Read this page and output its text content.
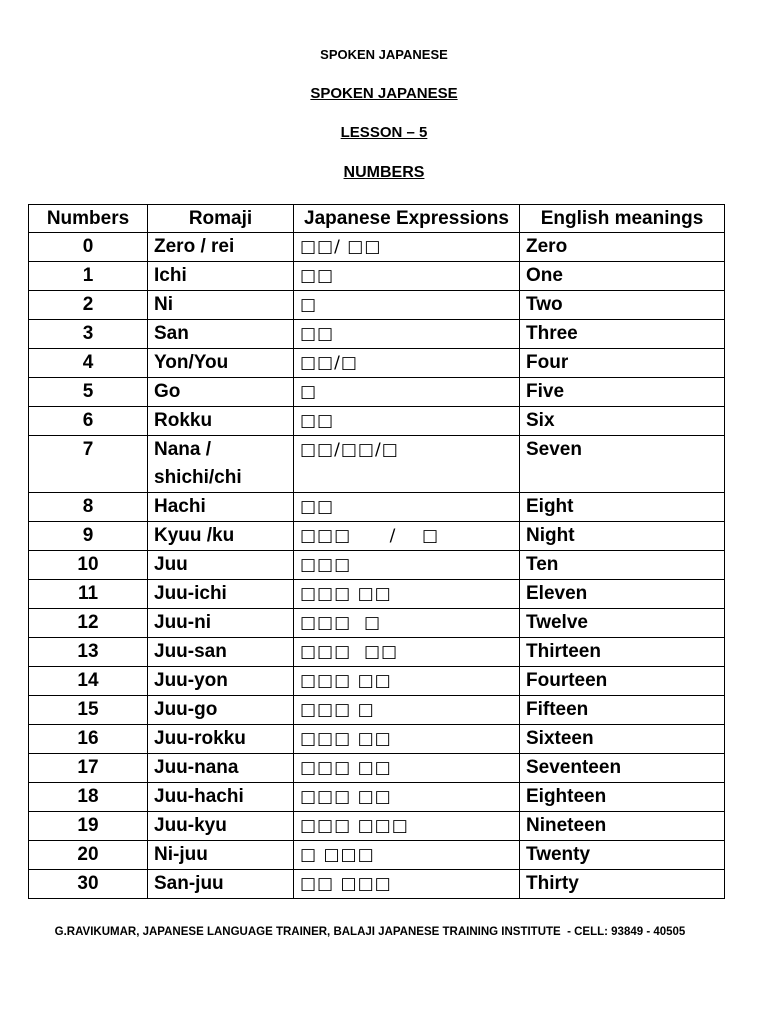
SPOKEN JAPANESE
SPOKEN JAPANESE
LESSON – 5
NUMBERS
Numbers	Romaji	Japanese Expressions	English meanings
0	Zero / rei	□□/ □□	Zero
1	Ichi	□□	One
2	Ni	□	Two
3	San	□□	Three
4	Yon/You	□□/□	Four
5	Go	□	Five
6	Rokku	□□	Six
7	Nana / shichi/chi	□□/□□/□	Seven
8	Hachi	□□	Eight
9	Kyuu /ku	□□□      /    □	Night
10	Juu	□□□	Ten
11	Juu-ichi	□□□ □□	Eleven
12	Juu-ni	□□□  □	Twelve
13	Juu-san	□□□  □□	Thirteen
14	Juu-yon	□□□ □□	Fourteen
15	Juu-go	□□□ □	Fifteen
16	Juu-rokku	□□□ □□	Sixteen
17	Juu-nana	□□□ □□	Seventeen
18	Juu-hachi	□□□ □□	Eighteen
19	Juu-kyu	□□□ □□□	Nineteen
20	Ni-juu	□ □□□	Twenty
30	San-juu	□□ □□□	Thirty
G.RAVIKUMAR, JAPANESE LANGUAGE TRAINER, BALAJI JAPANESE TRAINING INSTITUTE  - CELL: 93849 - 40505
